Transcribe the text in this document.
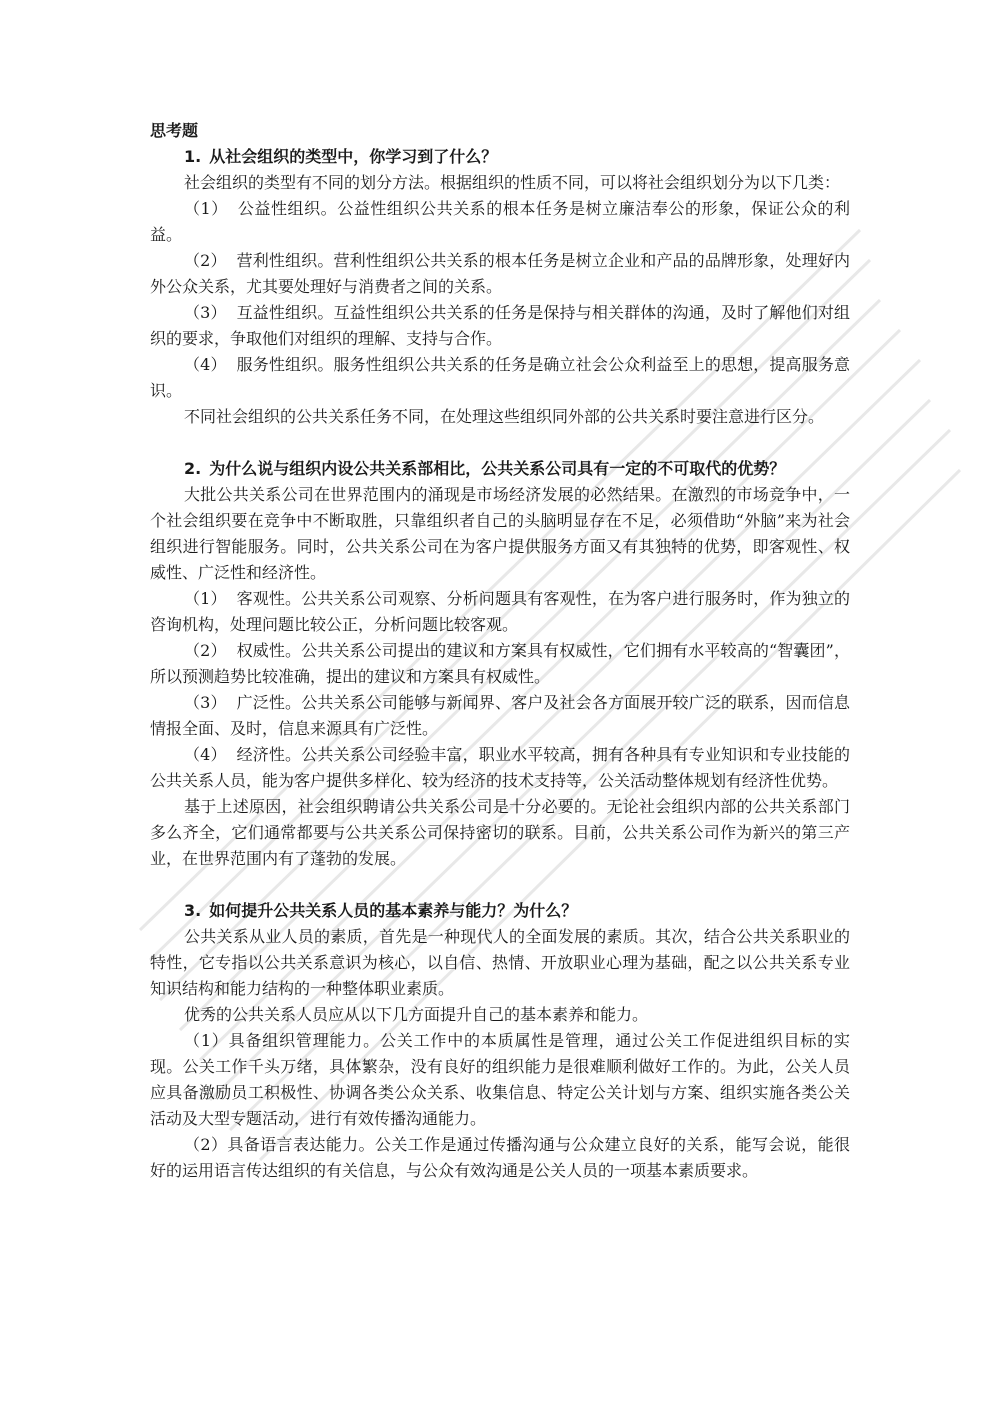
思考题

1. 从社会组织的类型中，你学习到了什么？

社会组织的类型有不同的划分方法。根据组织的性质不同，可以将社会组织划分为以下几类：

（1） 公益性组织。公益性组织公共关系的根本任务是树立廉洁奉公的形象，保证公众的利益。

（2） 营利性组织。营利性组织公共关系的根本任务是树立企业和产品的品牌形象，处理好内外公众关系，尤其要处理好与消费者之间的关系。

（3） 互益性组织。互益性组织公共关系的任务是保持与相关群体的沟通，及时了解他们对组织的要求，争取他们对组织的理解、支持与合作。

（4） 服务性组织。服务性组织公共关系的任务是确立社会公众利益至上的思想，提高服务意识。

不同社会组织的公共关系任务不同，在处理这些组织同外部的公共关系时要注意进行区分。

2. 为什么说与组织内设公共关系部相比，公共关系公司具有一定的不可取代的优势？

大批公共关系公司在世界范围内的涌现是市场经济发展的必然结果。在激烈的市场竞争中，一个社会组织要在竞争中不断取胜，只靠组织者自己的头脑明显存在不足，必须借助“外脑”来为社会组织进行智能服务。同时，公共关系公司在为客户提供服务方面又有其独特的优势，即客观性、权威性、广泛性和经济性。

（1） 客观性。公共关系公司观察、分析问题具有客观性，在为客户进行服务时，作为独立的咨询机构，处理问题比较公正，分析问题比较客观。

（2） 权威性。公共关系公司提出的建议和方案具有权威性，它们拥有水平较高的“智囊团”，所以预测趋势比较准确，提出的建议和方案具有权威性。

（3） 广泛性。公共关系公司能够与新闻界、客户及社会各方面展开较广泛的联系，因而信息情报全面、及时，信息来源具有广泛性。

（4） 经济性。公共关系公司经验丰富，职业水平较高，拥有各种具有专业知识和专业技能的公共关系人员，能为客户提供多样化、较为经济的技术支持等，公关活动整体规划有经济性优势。

基于上述原因，社会组织聘请公共关系公司是十分必要的。无论社会组织内部的公共关系部门多么齐全，它们通常都要与公共关系公司保持密切的联系。目前，公共关系公司作为新兴的第三产业，在世界范围内有了蓬勃的发展。

3. 如何提升公共关系人员的基本素养与能力？为什么？

公共关系从业人员的素质，首先是一种现代人的全面发展的素质。其次，结合公共关系职业的特性，它专指以公共关系意识为核心，以自信、热情、开放职业心理为基础，配之以公共关系专业知识结构和能力结构的一种整体职业素质。

优秀的公共关系人员应从以下几方面提升自己的基本素养和能力。

（1）具备组织管理能力。公关工作中的本质属性是管理，通过公关工作促进组织目标的实现。公关工作千头万绪，具体繁杂，没有良好的组织能力是很难顺利做好工作的。为此，公关人员应具备激励员工积极性、协调各类公众关系、收集信息、特定公关计划与方案、组织实施各类公关活动及大型专题活动，进行有效传播沟通能力。

（2）具备语言表达能力。公关工作是通过传播沟通与公众建立良好的关系，能写会说，能很好的运用语言传达组织的有关信息，与公众有效沟通是公关人员的一项基本素质要求。
